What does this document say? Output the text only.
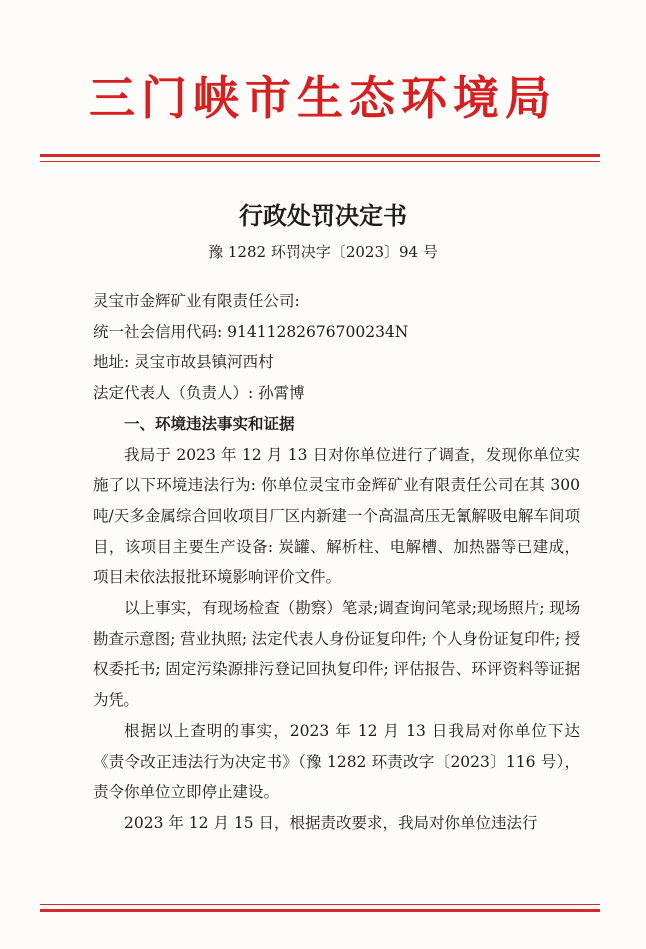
三门峡市生态环境局
行政处罚决定书
豫 1282 环罚决字〔2023〕94 号
灵宝市金辉矿业有限责任公司:
统一社会信用代码: 91411282676700234N
地址: 灵宝市故县镇河西村
法定代表人（负责人）: 孙霄博
一、环境违法事实和证据

我局于 2023 年 12 月 13 日对你单位进行了调查，发现你单位实施了以下环境违法行为: 你单位灵宝市金辉矿业有限责任公司在其 300 吨/天多金属综合回收项目厂区内新建一个高温高压无氰解吸电解车间项目，该项目主要生产设备: 炭罐、解析柱、电解槽、加热器等已建成，项目未依法报批环境影响评价文件。

以上事实，有现场检查（勘察）笔录;调查询问笔录;现场照片; 现场勘查示意图; 营业执照; 法定代表人身份证复印件; 个人身份证复印件; 授权委托书; 固定污染源排污登记回执复印件; 评估报告、环评资料等证据为凭。

根据以上查明的事实，2023 年 12 月 13 日我局对你单位下达《责令改正违法行为决定书》（豫 1282 环责改字〔2023〕116 号），责令你单位立即停止建设。

2023 年 12 月 15 日，根据责改要求，我局对你单位违法行
